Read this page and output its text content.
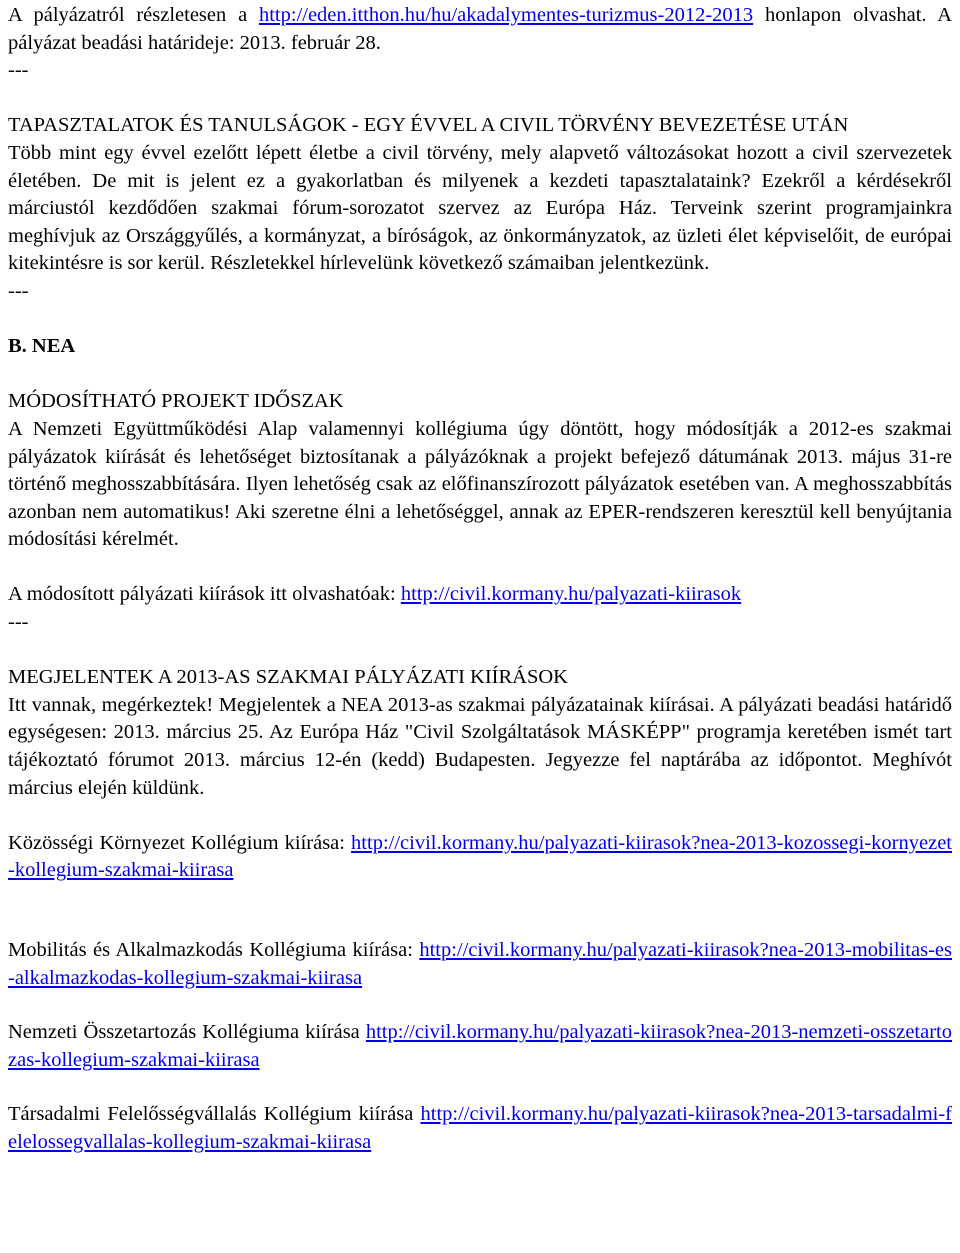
A pályázatról részletesen a http://eden.itthon.hu/hu/akadalymentes-turizmus-2012-2013 honlapon olvashat. A pályázat beadási határideje: 2013. február 28.

---

TAPASZTALATOK ÉS TANULSÁGOK - EGY ÉVVEL A CIVIL TÖRVÉNY BEVEZETÉSE UTÁN

Több mint egy évvel ezelőtt lépett életbe a civil törvény, mely alapvető változásokat hozott a civil szervezetek életében. De mit is jelent ez a gyakorlatban és milyenek a kezdeti tapasztalataink? Ezekről a kérdésekről márciustól kezdődően szakmai fórum-sorozatot szervez az Európa Ház. Terveink szerint programjainkra meghívjuk az Országgyűlés, a kormányzat, a bíróságok, az önkormányzatok, az üzleti élet képviselőit, de európai kitekintésre is sor kerül. Részletekkel hírlevelünk következő számaiban jelentkezünk.

---

B. NEA

MÓDOSÍTHATÓ PROJEKT IDŐSZAK

A Nemzeti Együttműködési Alap valamennyi kollégiuma úgy döntött, hogy módosítják a 2012-es szakmai pályázatok kiírását és lehetőséget biztosítanak a pályázóknak a projekt befejező dátumának 2013. május 31-re történő meghosszabbítására. Ilyen lehetőség csak az előfinanszírozott pályázatok esetében van. A meghosszabbítás azonban nem automatikus! Aki szeretne élni a lehetőséggel, annak az EPER-rendszeren keresztül kell benyújtania módosítási kérelmét.

A módosított pályázati kiírások itt olvashatóak: http://civil.kormany.hu/palyazati-kiirasok

---

MEGJELENTEK A 2013-AS SZAKMAI PÁLYÁZATI KIÍRÁSOK

Itt vannak, megérkeztek! Megjelentek a NEA 2013-as szakmai pályázatainak kiírásai. A pályázati beadási határidő egységesen: 2013. március 25. Az Európa Ház "Civil Szolgáltatások MÁSKÉPP" programja keretében ismét tart tájékoztató fórumot 2013. március 12-én (kedd) Budapesten. Jegyezze fel naptárába az időpontot. Meghívót március elején küldünk.

Közösségi Környezet Kollégium kiírása: http://civil.kormany.hu/palyazati-kiirasok?nea-2013-kozossegi-kornyezet-kollegium-szakmai-kiirasa

Mobilitás és Alkalmazkodás Kollégiuma kiírása: http://civil.kormany.hu/palyazati-kiirasok?nea-2013-mobilitas-es-alkalmazkodas-kollegium-szakmai-kiirasa

Nemzeti Összetartozás Kollégiuma kiírása http://civil.kormany.hu/palyazati-kiirasok?nea-2013-nemzeti-osszetartozas-kollegium-szakmai-kiirasa

Társadalmi Felelősségvállalás Kollégium kiírása http://civil.kormany.hu/palyazati-kiirasok?nea-2013-tarsadalmi-felelossegvallalas-kollegium-szakmai-kiirasa
